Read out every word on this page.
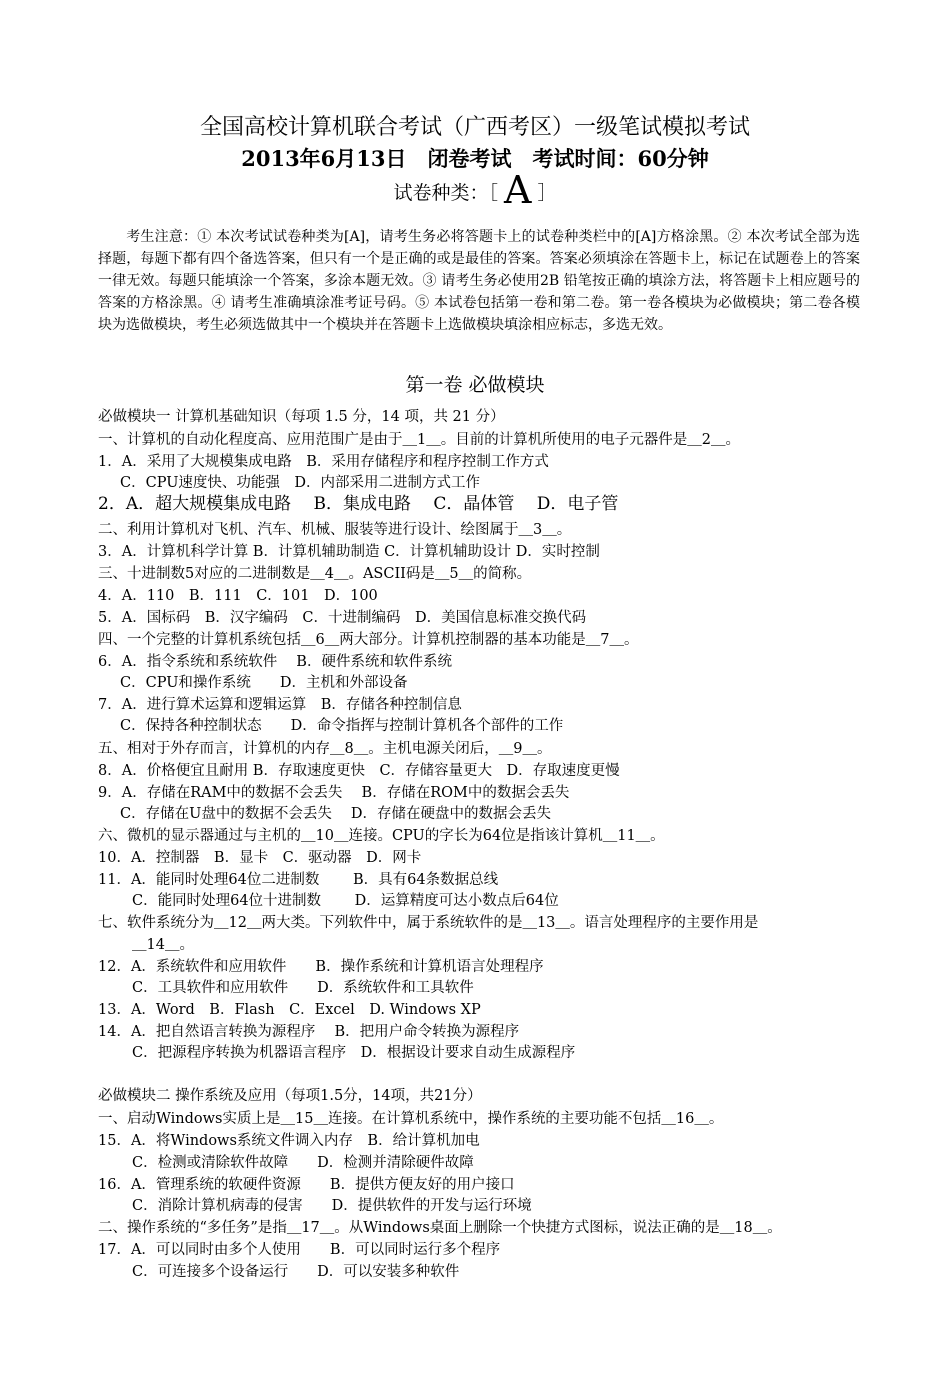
全国高校计算机联合考试（广西考区）一级笔试模拟考试
2013年6月13日　闭卷考试　考试时间：60分钟
试卷种类：［ A ］
考生注意：① 本次考试试卷种类为[A]，请考生务必将答题卡上的试卷种类栏中的[A]方格涂黑。② 本次考试全部为选择题，每题下都有四个备选答案，但只有一个是正确的或是最佳的答案。答案必须填涂在答题卡上，标记在试题卷上的答案一律无效。每题只能填涂一个答案，多涂本题无效。③ 请考生务必使用2B 铅笔按正确的填涂方法，将答题卡上相应题号的答案的方格涂黑。④ 请考生准确填涂准考证号码。⑤ 本试卷包括第一卷和第二卷。第一卷各模块为必做模块；第二卷各模块为选做模块，考生必须选做其中一个模块并在答题卡上选做模块填涂相应标志，多选无效。
第一卷 必做模块
必做模块一 计算机基础知识（每项 1.5 分，14 项，共 21 分）
一、计算机的自动化程度高、应用范围广是由于＿1＿。目前的计算机所使用的电子元器件是＿2＿。
1．A．采用了大规模集成电路　B．采用存储程序和程序控制工作方式
C．CPU速度快、功能强　D．内部采用二进制方式工作
2．A．超大规模集成电路　 B．集成电路　 C．晶体管　 D．电子管
二、利用计算机对飞机、汽车、机械、服装等进行设计、绘图属于＿3＿。
3．A．计算机科学计算 B．计算机辅助制造 C．计算机辅助设计 D．实时控制
三、十进制数5对应的二进制数是＿4＿。ASCII码是＿5＿的简称。
4．A．110　B．111　C．101　D．100
5．A．国标码　B．汉字编码　C．十进制编码　D．美国信息标准交换代码
四、一个完整的计算机系统包括＿6＿两大部分。计算机控制器的基本功能是＿7＿。
6．A．指令系统和系统软件　 B．硬件系统和软件系统
C．CPU和操作系统　　D．主机和外部设备
7．A．进行算术运算和逻辑运算　B．存储各种控制信息
C．保持各种控制状态　　D．命令指挥与控制计算机各个部件的工作
五、相对于外存而言，计算机的内存＿8＿。主机电源关闭后，＿9＿。
8．A．价格便宜且耐用 B．存取速度更快　C．存储容量更大　D．存取速度更慢
9．A．存储在RAM中的数据不会丢失　 B．存储在ROM中的数据会丢失
C．存储在U盘中的数据不会丢失　 D．存储在硬盘中的数据会丢失
六、微机的显示器通过与主机的＿10＿连接。CPU的字长为64位是指该计算机＿11＿。
10．A．控制器　B．显卡　C．驱动器　D．网卡
11．A．能同时处理64位二进制数　　 B．具有64条数据总线
C．能同时处理64位十进制数　　 D．运算精度可达小数点后64位
七、软件系统分为＿12＿两大类。下列软件中，属于系统软件的是＿13＿。语言处理程序的主要作用是
＿14＿。
12．A．系统软件和应用软件　　B．操作系统和计算机语言处理程序
C．工具软件和应用软件　　D．系统软件和工具软件
13．A．Word　B．Flash　C．Excel　D. Windows XP
14．A．把自然语言转换为源程序　 B．把用户命令转换为源程序
C．把源程序转换为机器语言程序　D．根据设计要求自动生成源程序
必做模块二 操作系统及应用（每项1.5分，14项，共21分）
一、启动Windows实质上是＿15＿连接。在计算机系统中，操作系统的主要功能不包括＿16＿。
15．A．将Windows系统文件调入内存　B．给计算机加电
C．检测或清除软件故障　　D．检测并清除硬件故障
16．A．管理系统的软硬件资源　　B．提供方便友好的用户接口
C．消除计算机病毒的侵害　　D．提供软件的开发与运行环境
二、操作系统的“多任务”是指＿17＿。从Windows桌面上删除一个快捷方式图标，说法正确的是＿18＿。
17．A．可以同时由多个人使用　　B．可以同时运行多个程序
C．可连接多个设备运行　　D．可以安装多种软件
